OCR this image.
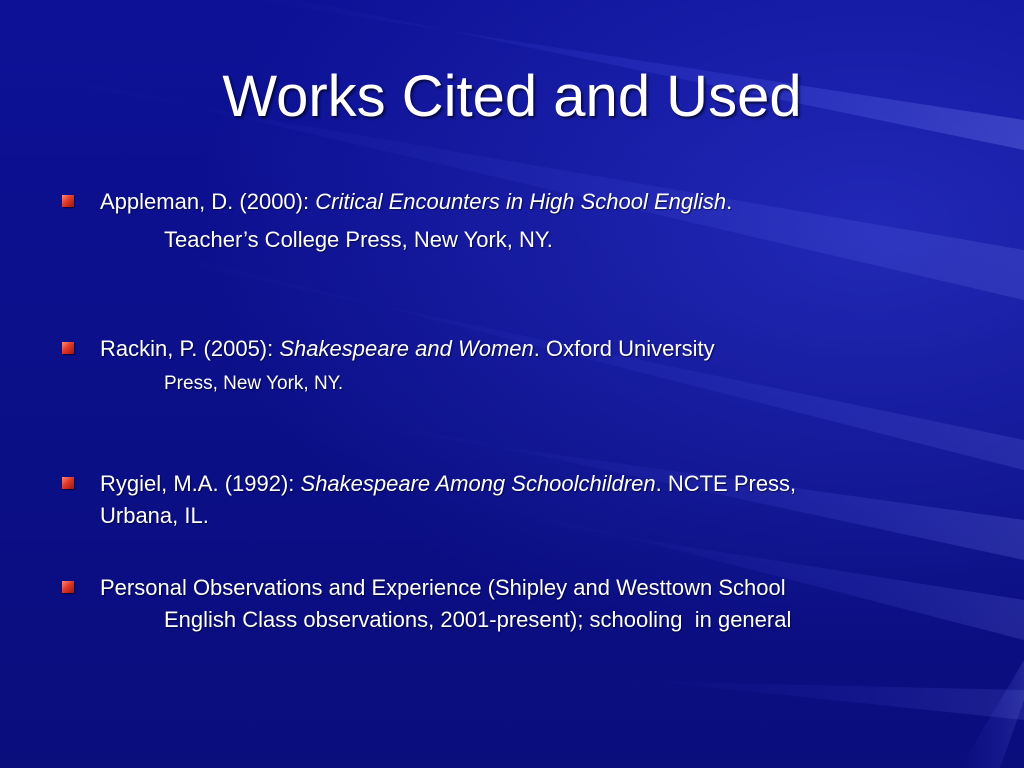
Works Cited and Used
Appleman, D. (2000): Critical Encounters in High School English.
Teacher’s College Press, New York, NY.
Rackin, P. (2005): Shakespeare and Women. Oxford University
Press, New York, NY.
Rygiel, M.A. (1992): Shakespeare Among Schoolchildren. NCTE Press,
Urbana, IL.
Personal Observations and Experience (Shipley and Westtown School
English Class observations, 2001-present); schooling  in general
